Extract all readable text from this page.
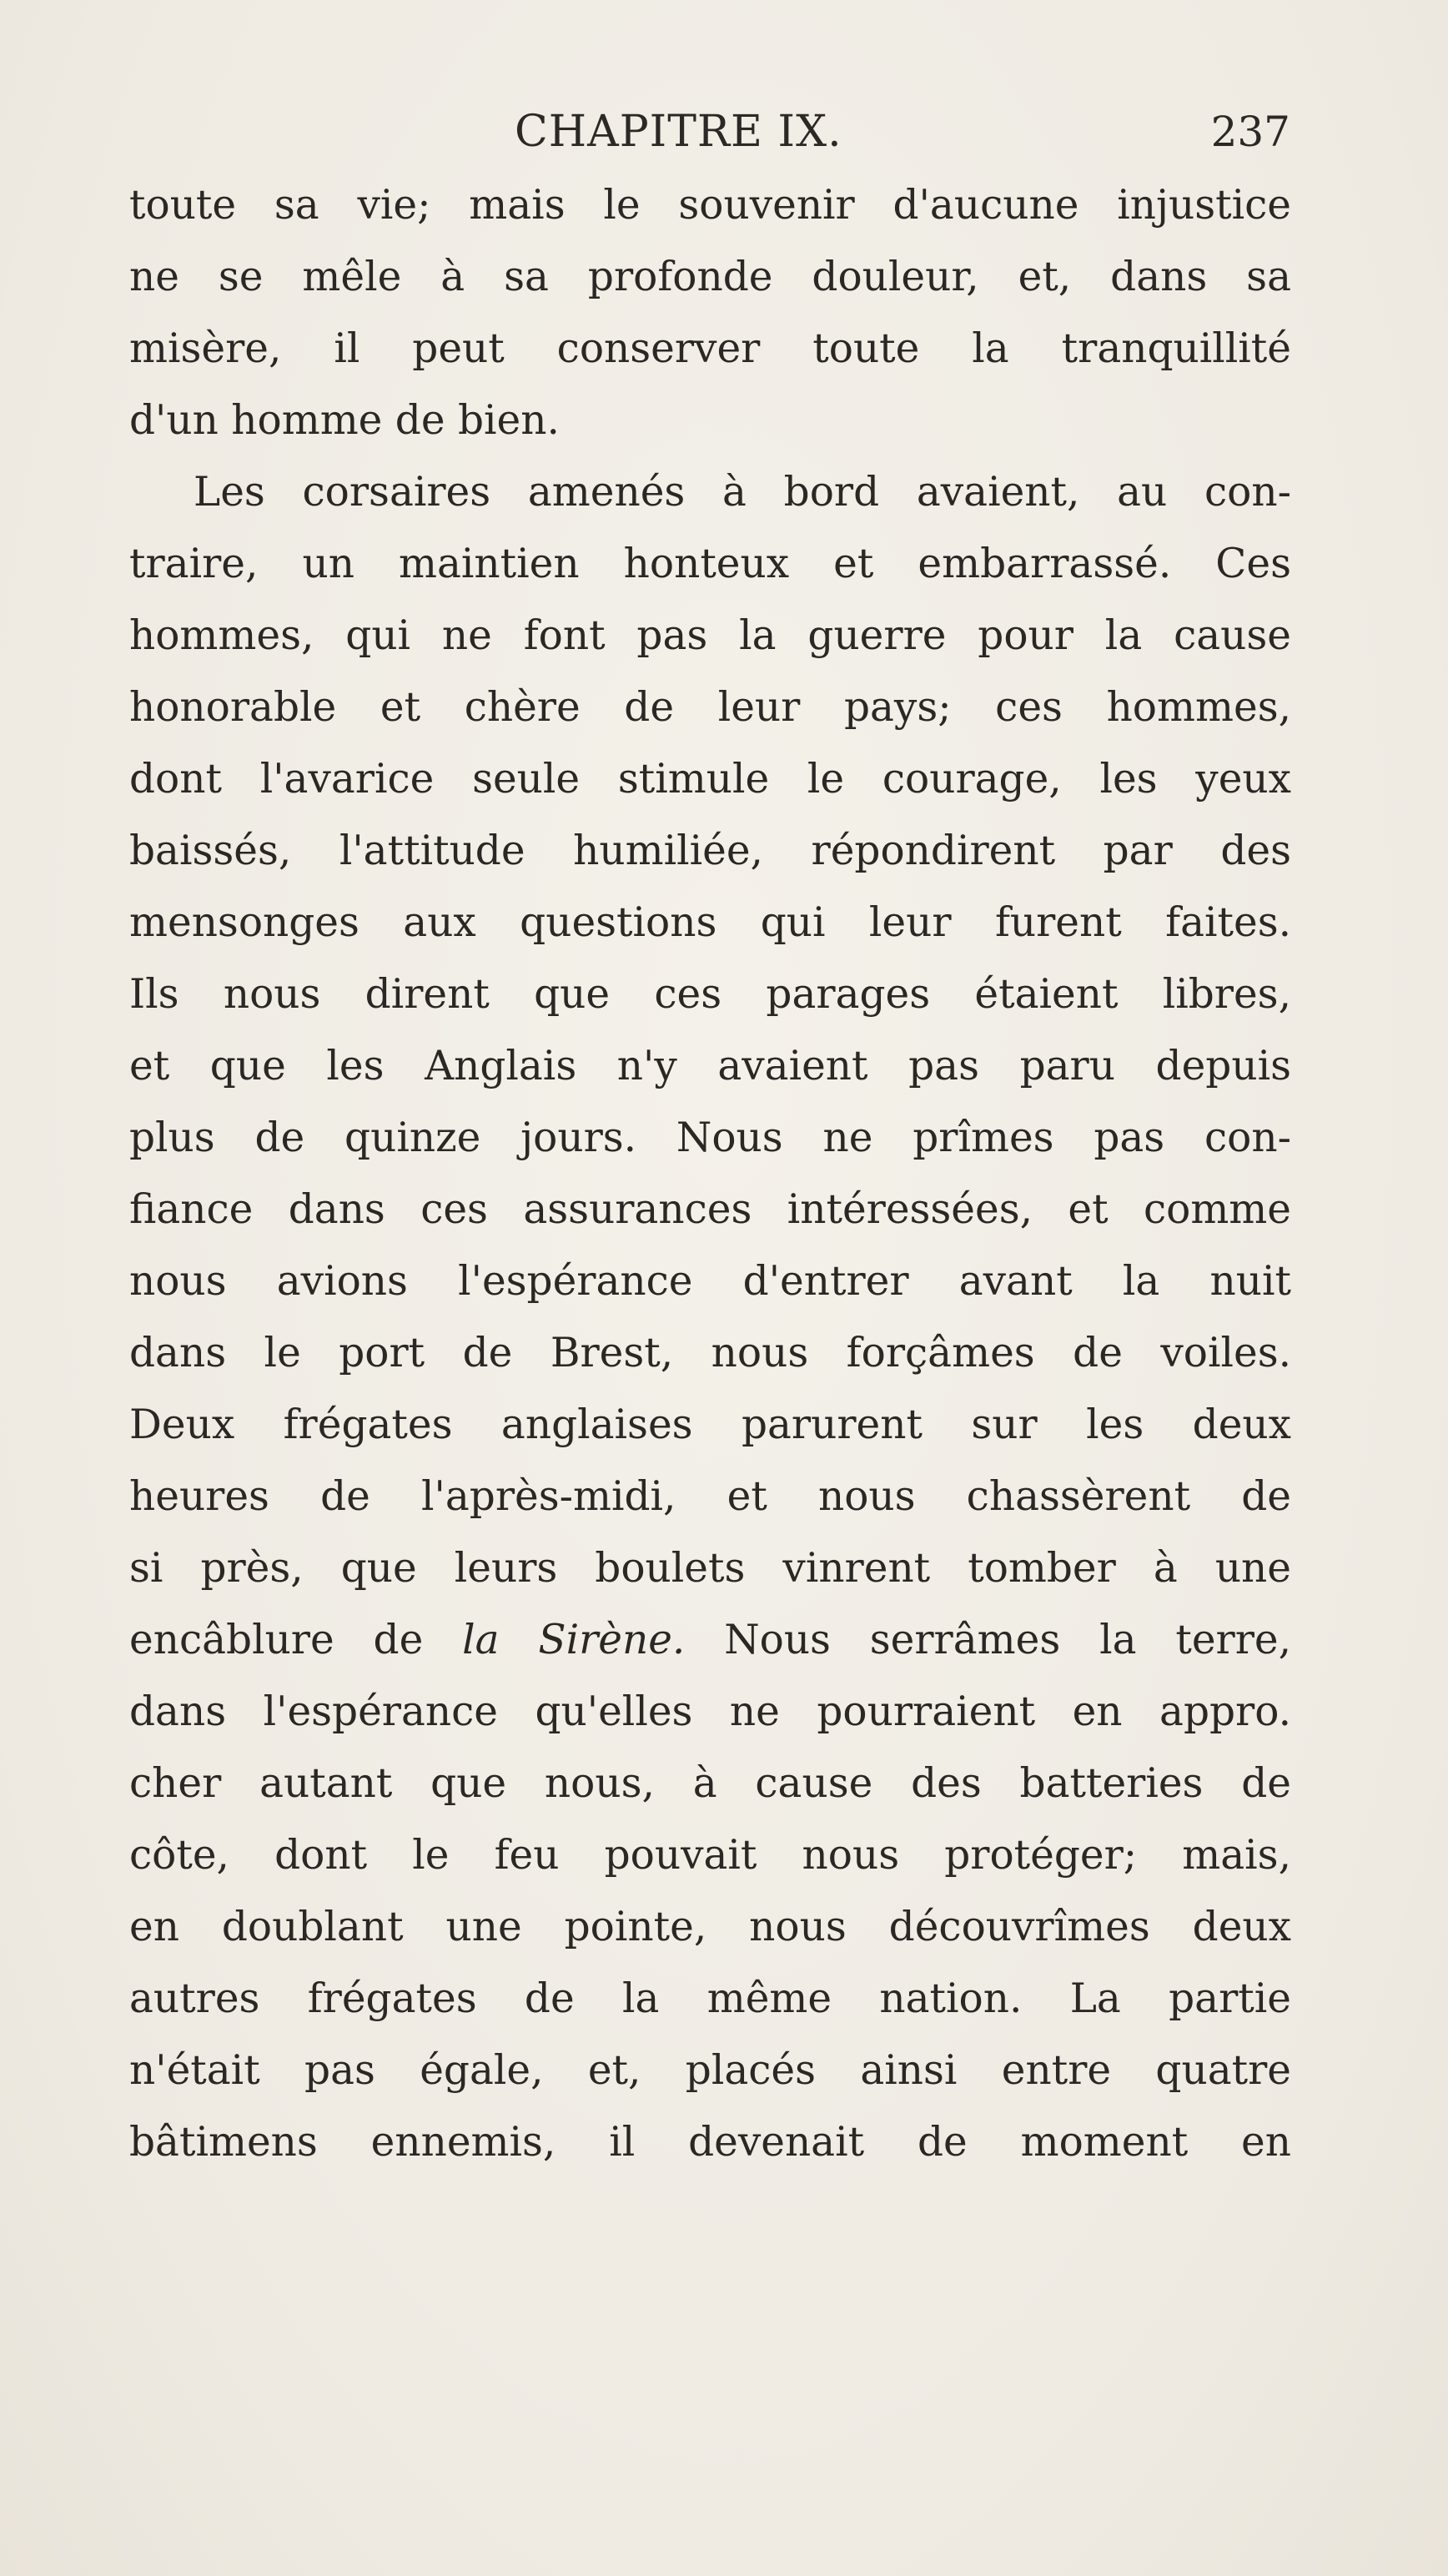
CHAPITRE IX.	237
toute sa vie; mais le souvenir d'aucune injustice
ne se mêle à sa profonde douleur, et, dans sa
misère, il peut conserver toute la tranquillité
d'un homme de bien.
Les corsaires amenés à bord avaient, au con-
traire, un maintien honteux et embarrassé. Ces
hommes, qui ne font pas la guerre pour la cause
honorable et chère de leur pays; ces hommes,
dont l'avarice seule stimule le courage, les yeux
baissés, l'attitude humiliée, répondirent par des
mensonges aux questions qui leur furent faites.
Ils nous dirent que ces parages étaient libres,
et que les Anglais n'y avaient pas paru depuis
plus de quinze jours. Nous ne prîmes pas con-
fiance dans ces assurances intéressées, et comme
nous avions l'espérance d'entrer avant la nuit
dans le port de Brest, nous forçâmes de voiles.
Deux frégates anglaises parurent sur les deux
heures de l'après-midi, et nous chassèrent de
si près, que leurs boulets vinrent tomber à une
encâblure de la Sirène. Nous serrâmes la terre,
dans l'espérance qu'elles ne pourraient en appro.
cher autant que nous, à cause des batteries de
côte, dont le feu pouvait nous protéger; mais,
en doublant une pointe, nous découvrîmes deux
autres frégates de la même nation. La partie
n'était pas égale, et, placés ainsi entre quatre
bâtimens ennemis, il devenait de moment en
